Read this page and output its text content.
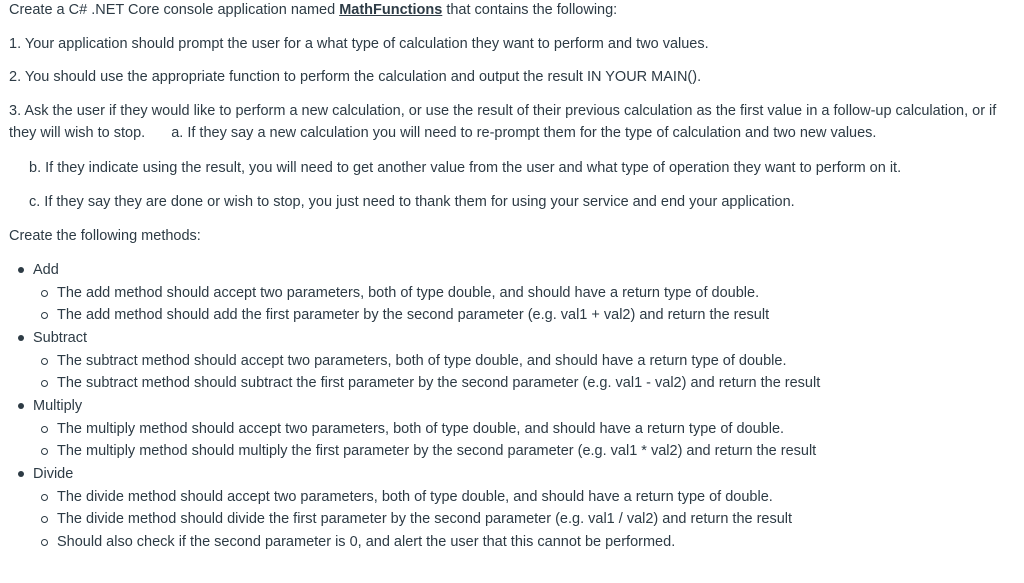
Create a C# .NET Core console application named MathFunctions that contains the following:
1. Your application should prompt the user for a what type of calculation they want to perform and two values.
2. You should use the appropriate function to perform the calculation and output the result IN YOUR MAIN().
3. Ask the user if they would like to perform a new calculation, or use the result of their previous calculation as the first value in a follow-up calculation, or if they will wish to stop. a. If they say a new calculation you will need to re-prompt them for the type of calculation and two new values.
b. If they indicate using the result, you will need to get another value from the user and what type of operation they want to perform on it.
c. If they say they are done or wish to stop, you just need to thank them for using your service and end your application.
Create the following methods:
Add
The add method should accept two parameters, both of type double, and should have a return type of double.
The add method should add the first parameter by the second parameter (e.g. val1 + val2) and return the result
Subtract
The subtract method should accept two parameters, both of type double, and should have a return type of double.
The subtract method should subtract the first parameter by the second parameter (e.g. val1 - val2) and return the result
Multiply
The multiply method should accept two parameters, both of type double, and should have a return type of double.
The multiply method should multiply the first parameter by the second parameter (e.g. val1 * val2) and return the result
Divide
The divide method should accept two parameters, both of type double, and should have a return type of double.
The divide method should divide the first parameter by the second parameter (e.g. val1 / val2) and return the result
Should also check if the second parameter is 0, and alert the user that this cannot be performed.
